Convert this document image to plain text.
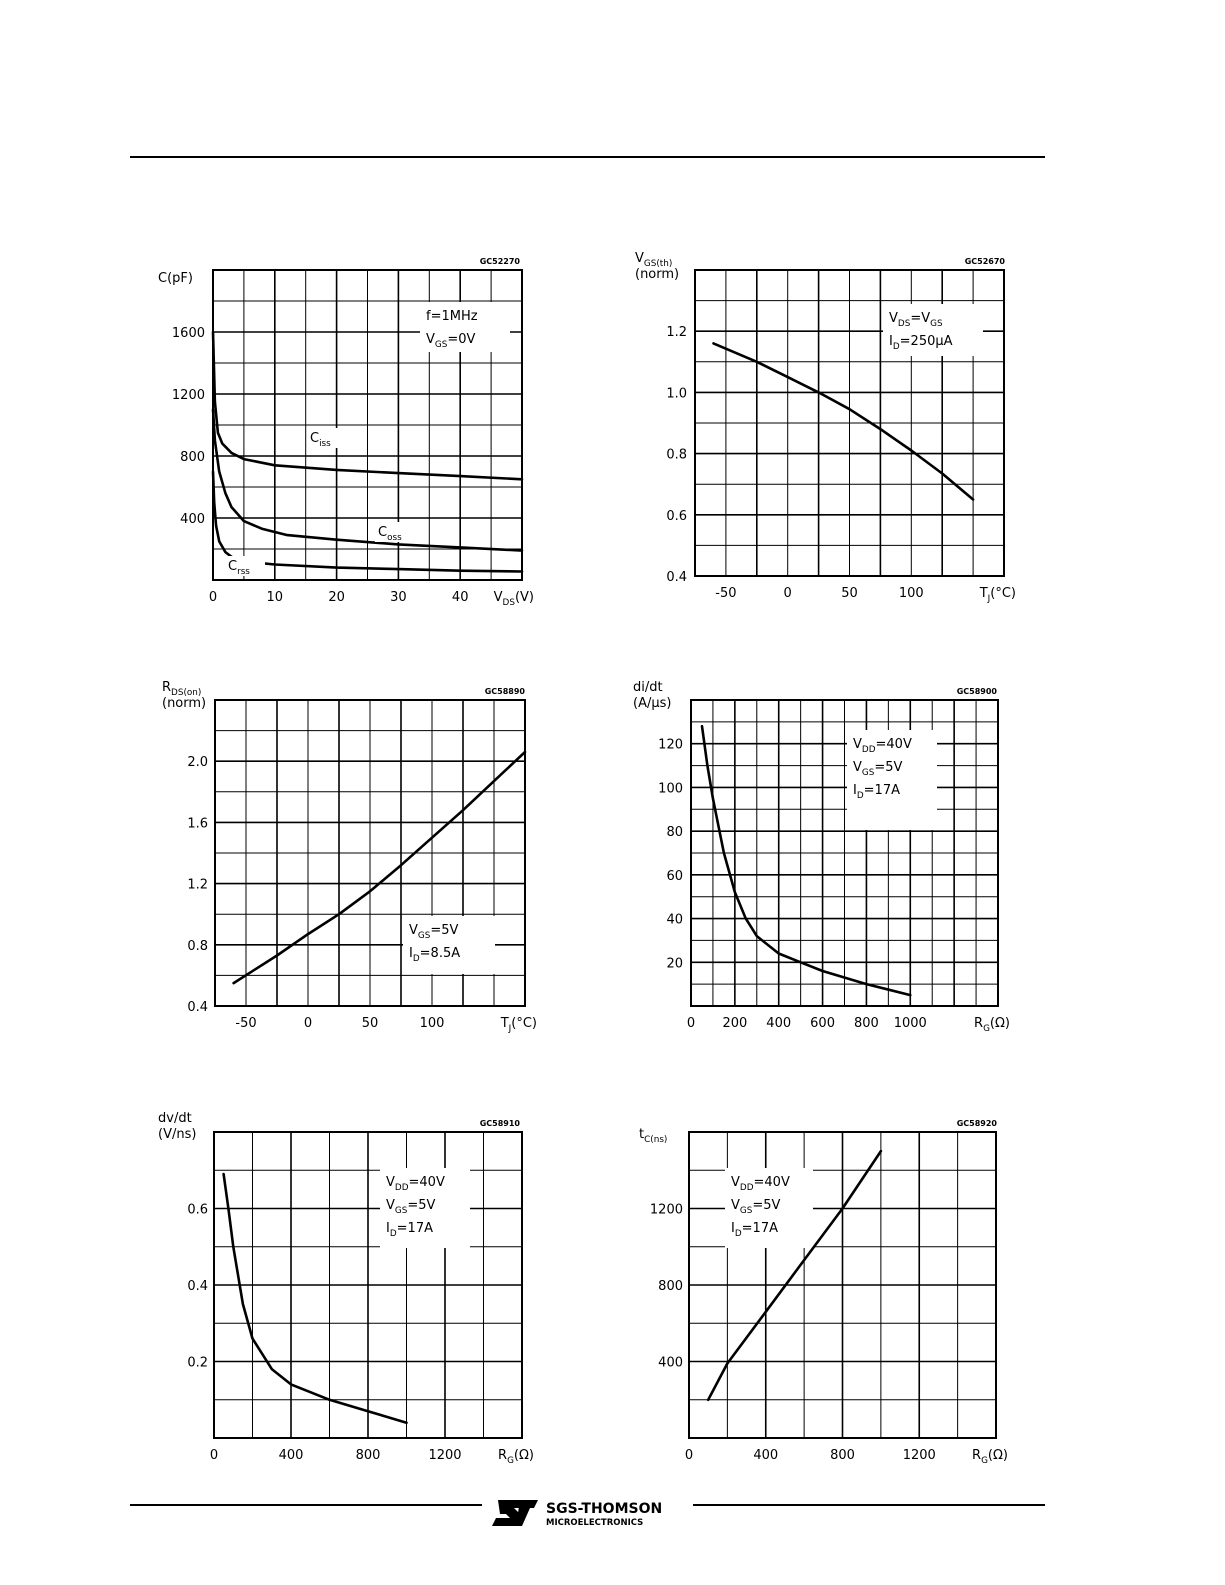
GC52270
400
800
1200
1600
0	10	20	30	40
C(pF)
$V_{DS}(V)$
f=1MHz
$V_{GS}=0V$
$C_{iss}$
$C_{oss}$
$C_{rss}$
GC52670
0.4
0.6
0.8
1.0
1.2
-50	0	50	100
$V_{GS(th)}$
(norm)
$T_J(^\circ C)$
$V_{DS}=V_{GS}$
$I_D=250\mu A$
GC58890
0.4
0.8
1.2
1.6
2.0
-50	0	50	100
$R_{DS(on)}$
(norm)
$T_J(^\circ C)$
$V_{GS}=5V$
$I_D=8.5A$
GC58900
20
40
60
80
100
120
0 200 400 600 800 1000
di/dt
(A/µs)
$R_G(\Omega)$
$V_{DD}=40V$
$V_{GS}=5V$
$I_D=17A$
GC58910
0.2
0.4
0.6
0	400	800	1200
dv/dt
(V/ns)
$R_G(\Omega)$
$V_{DD}=40V$
$V_{GS}=5V$
$I_D=17A$
GC58920
400
800
1200
0	400	800	1200
$t_{C(ns)}$
$R_G(\Omega)$
$V_{DD}=40V$
$V_{GS}=5V$
$I_D=17A$
SGS-THOMSON
MICROELECTRONICS
